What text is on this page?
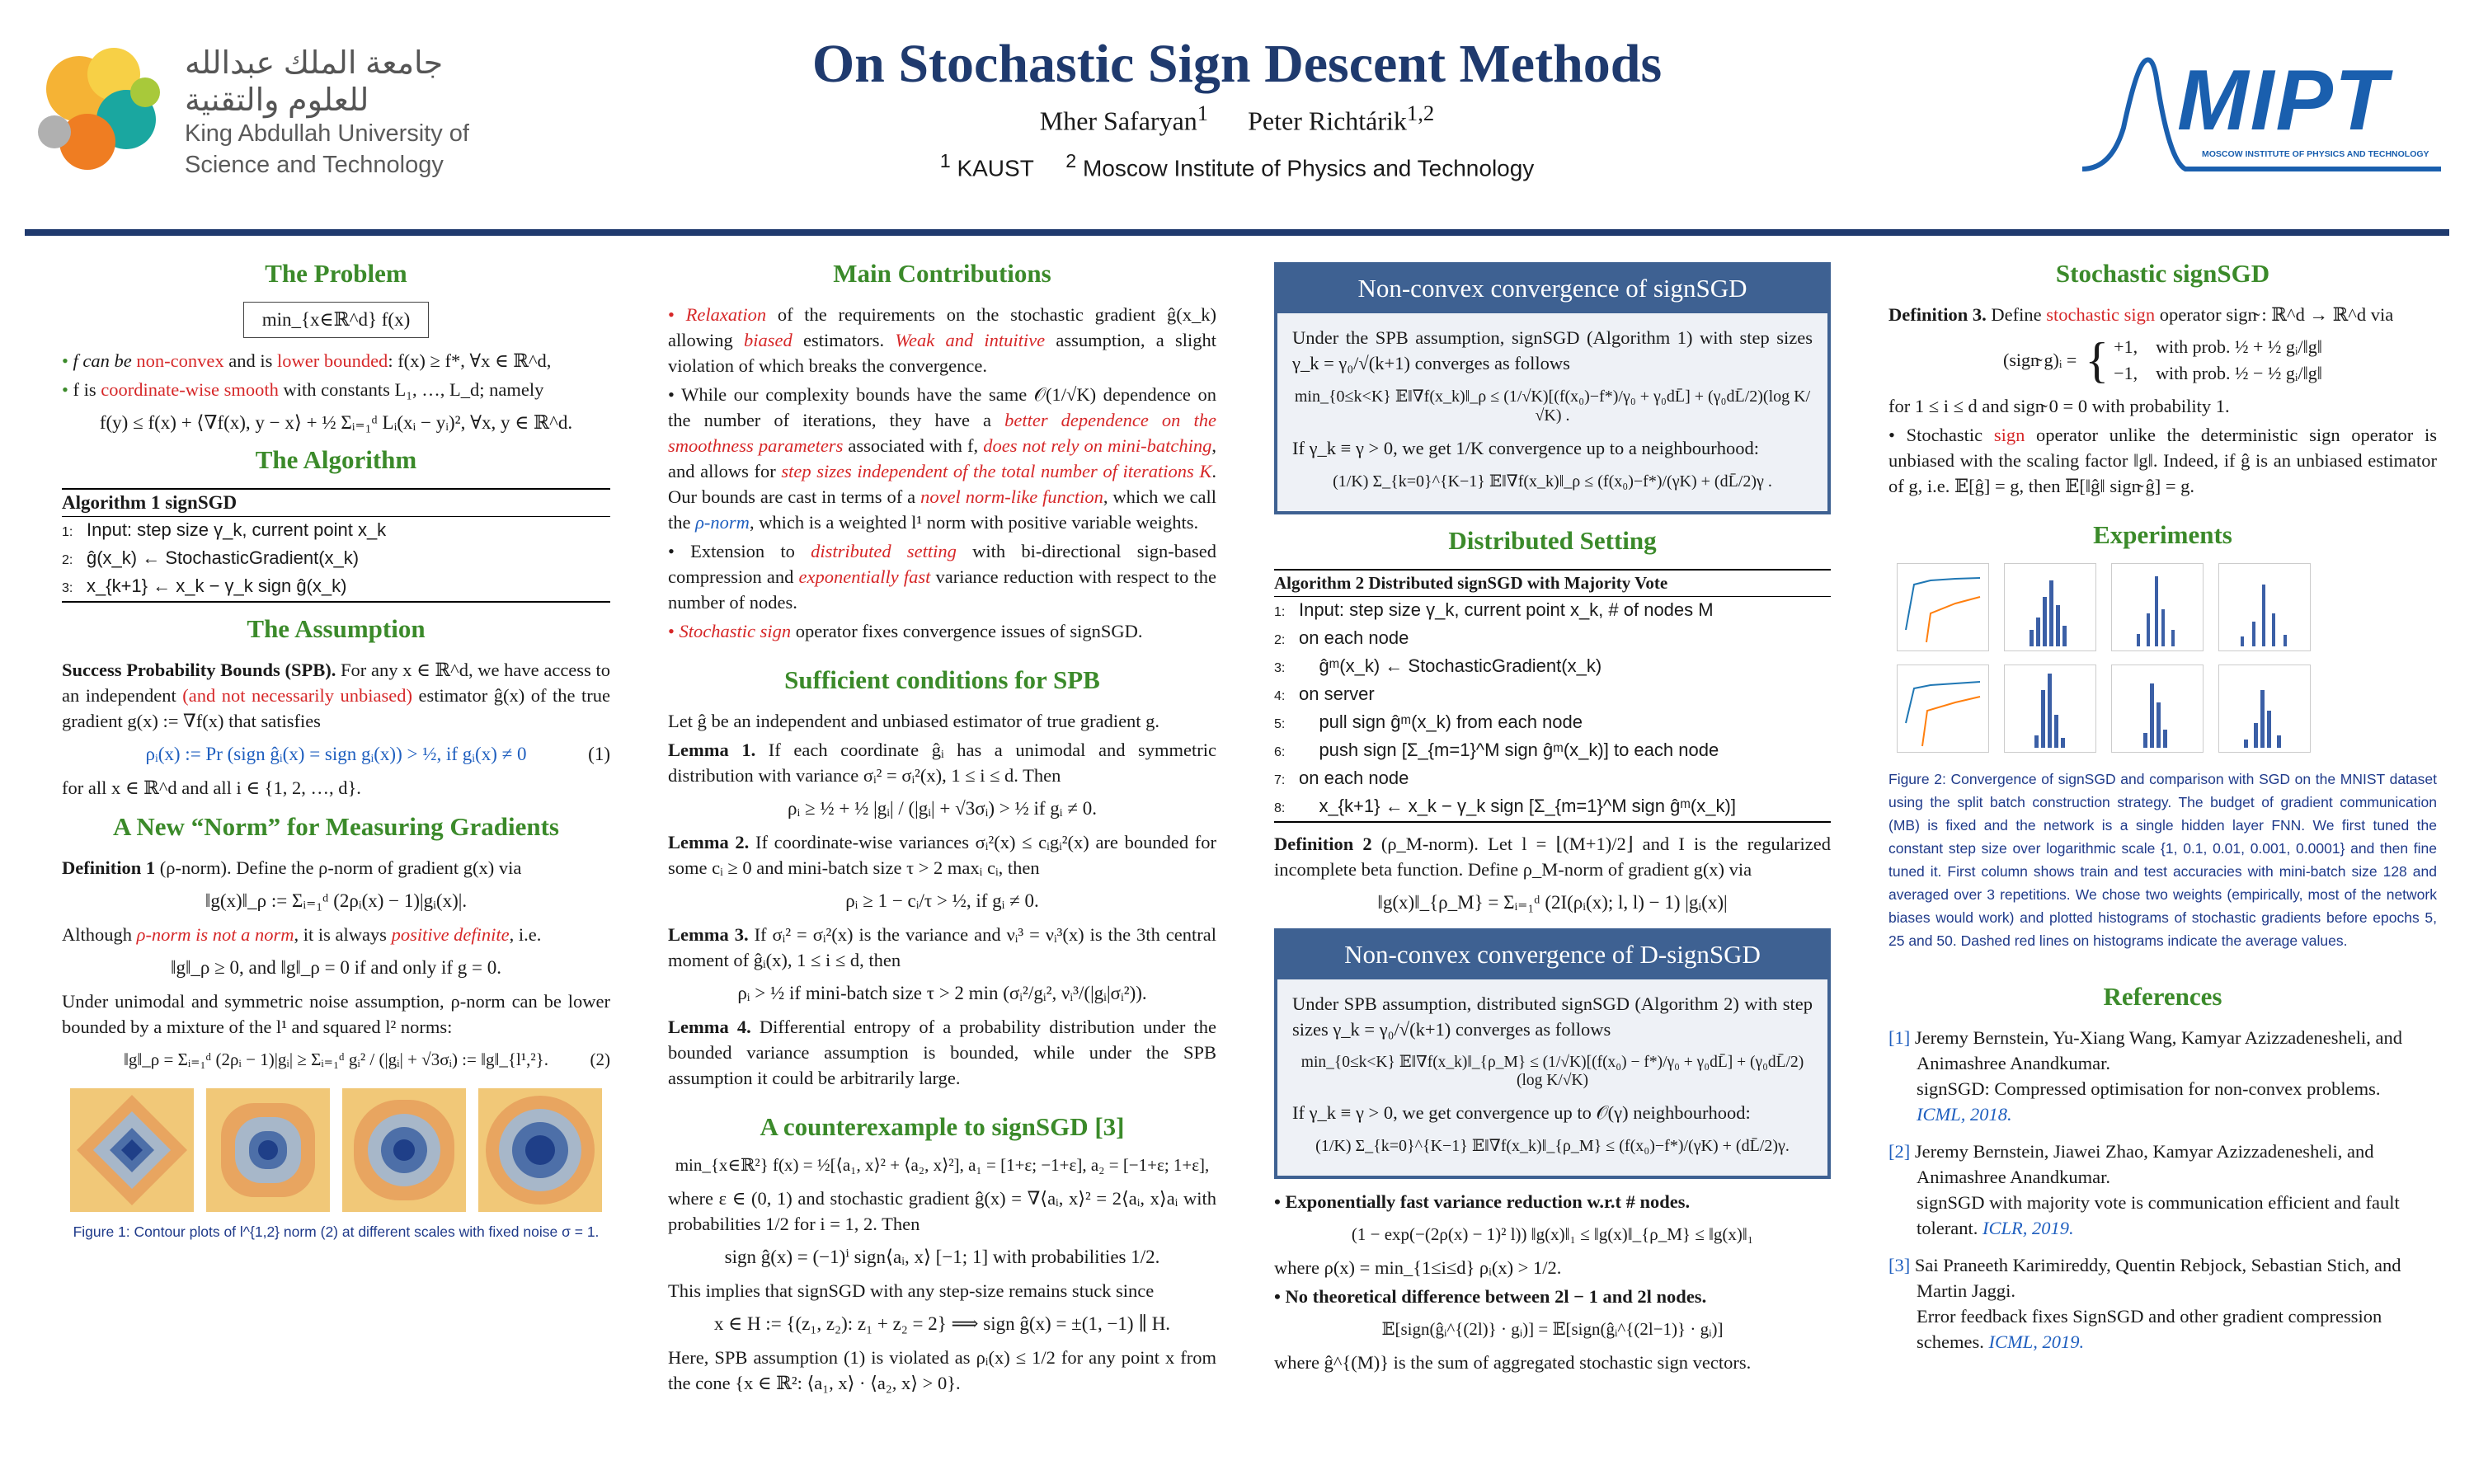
جامعة الملك عبدالله للعلوم والتقنية
King Abdullah University of
Science and Technology
On Stochastic Sign Descent Methods
Mher Safaryan$^1$ Peter Richtárik$^{1,2}$
$^1$ KAUST $^2$ Moscow Institute of Physics and Technology
MIPT
MOSCOW INSTITUTE OF PHYSICS AND TECHNOLOGY
The Problem
min_{x∈ℝ^d} f(x)
• f can be non-convex and is lower bounded: f(x) ≥ f*, ∀x ∈ ℝ^d,
• f is coordinate-wise smooth with constants L₁, …, L_d; namely
f(y) ≤ f(x) + ⟨∇f(x), y − x⟩ + ½ Σᵢ₌₁ᵈ Lᵢ(xᵢ − yᵢ)², ∀x, y ∈ ℝ^d.
The Algorithm
Algorithm 1 signSGD
1: Input: step size γ_k, current point x_k
2: ĝ(x_k) ← StochasticGradient(x_k)
3: x_{k+1} ← x_k − γ_k sign ĝ(x_k)
The Assumption
Success Probability Bounds (SPB). For any x ∈ ℝ^d, we have access to an independent (and not necessarily unbiased) estimator ĝ(x) of the true gradient g(x) := ∇f(x) that satisfies
ρᵢ(x) := Pr (sign ĝᵢ(x) = sign gᵢ(x)) > ½, if gᵢ(x) ≠ 0	(1)
for all x ∈ ℝ^d and all i ∈ {1, 2, …, d}.
A New “Norm” for Measuring Gradients
Definition 1 (ρ-norm). Define the ρ-norm of gradient g(x) via
‖g(x)‖_ρ := Σᵢ₌₁ᵈ (2ρᵢ(x) − 1)|gᵢ(x)|.
Although ρ-norm is not a norm, it is always positive definite, i.e.
‖g‖_ρ ≥ 0, and ‖g‖_ρ = 0 if and only if g = 0.
Under unimodal and symmetric noise assumption, ρ-norm can be lower bounded by a mixture of the l¹ and squared l² norms:
‖g‖_ρ = Σᵢ₌₁ᵈ (2ρᵢ − 1)|gᵢ| ≥ Σᵢ₌₁ᵈ gᵢ² / (|gᵢ| + √3σᵢ) := ‖g‖_{l¹,²}. (2)
Figure 1: Contour plots of l^{1,2} norm (2) at different scales with fixed noise σ = 1.
Main Contributions
• Relaxation of the requirements on the stochastic gradient ĝ(x_k) allowing biased estimators. Weak and intuitive assumption, a slight violation of which breaks the convergence.
• While our complexity bounds have the same 𝒪(1/√K) dependence on the number of iterations, they have a better dependence on the smoothness parameters associated with f, does not rely on mini-batching, and allows for step sizes independent of the total number of iterations K. Our bounds are cast in terms of a novel norm-like function, which we call the ρ-norm, which is a weighted l¹ norm with positive variable weights.
• Extension to distributed setting with bi-directional sign-based compression and exponentially fast variance reduction with respect to the number of nodes.
• Stochastic sign operator fixes convergence issues of signSGD.
Sufficient conditions for SPB
Let ĝ be an independent and unbiased estimator of true gradient g.
Lemma 1. If each coordinate ĝᵢ has a unimodal and symmetric distribution with variance σᵢ² = σᵢ²(x), 1 ≤ i ≤ d. Then
ρᵢ ≥ ½ + ½ |gᵢ| / (|gᵢ| + √3σᵢ) > ½ if gᵢ ≠ 0.
Lemma 2. If coordinate-wise variances σᵢ²(x) ≤ cᵢgᵢ²(x) are bounded for some cᵢ ≥ 0 and mini-batch size τ > 2 maxᵢ cᵢ, then
ρᵢ ≥ 1 − cᵢ/τ > ½, if gᵢ ≠ 0.
Lemma 3. If σᵢ² = σᵢ²(x) is the variance and νᵢ³ = νᵢ³(x) is the 3th central moment of ĝᵢ(x), 1 ≤ i ≤ d, then
ρᵢ > ½ if mini-batch size τ > 2 min (σᵢ²/gᵢ², νᵢ³/(|gᵢ|σᵢ²)).
Lemma 4. Differential entropy of a probability distribution under the bounded variance assumption is bounded, while under the SPB assumption it could be arbitrarily large.
A counterexample to signSGD [3]
min_{x∈ℝ²} f(x) = ½[⟨a₁, x⟩² + ⟨a₂, x⟩²], a₁ = [1+ε; −1+ε], a₂ = [−1+ε; 1+ε],
where ε ∈ (0, 1) and stochastic gradient ĝ(x) = ∇⟨aᵢ, x⟩² = 2⟨aᵢ, x⟩aᵢ with probabilities 1/2 for i = 1, 2. Then
sign ĝ(x) = (−1)ⁱ sign⟨aᵢ, x⟩ [−1; 1] with probabilities 1/2.
This implies that signSGD with any step-size remains stuck since
x ∈ H := {(z₁, z₂): z₁ + z₂ = 2} ⟹ sign ĝ(x) = ±(1, −1) ∥ H.
Here, SPB assumption (1) is violated as ρᵢ(x) ≤ 1/2 for any point x from the cone {x ∈ ℝ²: ⟨a₁, x⟩ · ⟨a₂, x⟩ > 0}.
Non-convex convergence of signSGD
Under the SPB assumption, signSGD (Algorithm 1) with step sizes γ_k = γ₀/√(k+1) converges as follows
min_{0≤k<K} 𝔼‖∇f(x_k)‖_ρ ≤ (1/√K)[(f(x₀)−f*)/γ₀ + γ₀dL̄] + (γ₀dL̄/2)(log K/√K) .
If γ_k ≡ γ > 0, we get 1/K convergence up to a neighbourhood:
(1/K) Σ_{k=0}^{K−1} 𝔼‖∇f(x_k)‖_ρ ≤ (f(x₀)−f*)/(γK) + (dL̄/2)γ .
Distributed Setting
Algorithm 2 Distributed signSGD with Majority Vote
1: Input: step size γ_k, current point x_k, # of nodes M
2: on each node
3:    ĝᵐ(x_k) ← StochasticGradient(x_k)
4: on server
5:    pull sign ĝᵐ(x_k) from each node
6:    push sign [Σ_{m=1}^M sign ĝᵐ(x_k)] to each node
7: on each node
8:    x_{k+1} ← x_k − γ_k sign [Σ_{m=1}^M sign ĝᵐ(x_k)]
Definition 2 (ρ_M-norm). Let l = ⌊(M+1)/2⌋ and I is the regularized incomplete beta function. Define ρ_M-norm of gradient g(x) via
‖g(x)‖_{ρ_M} = Σᵢ₌₁ᵈ (2I(ρᵢ(x); l, l) − 1) |gᵢ(x)|
Non-convex convergence of D-signSGD
Under SPB assumption, distributed signSGD (Algorithm 2) with step sizes γ_k = γ₀/√(k+1) converges as follows
min_{0≤k<K} 𝔼‖∇f(x_k)‖_{ρ_M} ≤ (1/√K)[(f(x₀) − f*)/γ₀ + γ₀dL̄] + (γ₀dL̄/2)(log K/√K)
If γ_k ≡ γ > 0, we get convergence up to 𝒪(γ) neighbourhood:
(1/K) Σ_{k=0}^{K−1} 𝔼‖∇f(x_k)‖_{ρ_M} ≤ (f(x₀)−f*)/(γK) + (dL̄/2)γ.
• Exponentially fast variance reduction w.r.t # nodes.
(1 − exp(−(2ρ(x) − 1)² l)) ‖g(x)‖₁ ≤ ‖g(x)‖_{ρ_M} ≤ ‖g(x)‖₁
where ρ(x) = min_{1≤i≤d} ρᵢ(x) > 1/2.
• No theoretical difference between 2l − 1 and 2l nodes.
𝔼[sign(ĝᵢ^{(2l)} · gᵢ)] = 𝔼[sign(ĝᵢ^{(2l−1)} · gᵢ)]
where ĝ^{(M)} is the sum of aggregated stochastic sign vectors.
Stochastic signSGD
Definition 3. Define stochastic sign operator sign̴ : ℝ^d → ℝ^d via
(sign̴ g)ᵢ = { +1,    with prob. ½ + ½ gᵢ/‖g‖
−1,    with prob. ½ − ½ gᵢ/‖g‖
for 1 ≤ i ≤ d and sign̴ 0 = 0 with probability 1.
• Stochastic sign operator unlike the deterministic sign operator is unbiased with the scaling factor ‖g‖. Indeed, if ĝ is an unbiased estimator of g, i.e. 𝔼[ĝ] = g, then 𝔼[‖ĝ‖ sign̴ ĝ] = g.
Experiments

Figure 2: Convergence of signSGD and comparison with SGD on the MNIST dataset using the split batch construction strategy. The budget of gradient communication (MB) is fixed and the network is a single hidden layer FNN. We first tuned the constant step size over logarithmic scale {1, 0.1, 0.01, 0.001, 0.0001} and then fine tuned it. First column shows train and test accuracies with mini-batch size 128 and averaged over 3 repetitions. We chose two weights (empirically, most of the network biases would work) and plotted histograms of stochastic gradients before epochs 5, 25 and 50. Dashed red lines on histograms indicate the average values.
References
[1] Jeremy Bernstein, Yu-Xiang Wang, Kamyar Azizzadenesheli, and Animashree Anandkumar.
signSGD: Compressed optimisation for non-convex problems.
ICML, 2018.
[2] Jeremy Bernstein, Jiawei Zhao, Kamyar Azizzadenesheli, and Animashree Anandkumar.
signSGD with majority vote is communication efficient and fault tolerant. ICLR, 2019.
[3] Sai Praneeth Karimireddy, Quentin Rebjock, Sebastian Stich, and Martin Jaggi.
Error feedback fixes SignSGD and other gradient compression schemes. ICML, 2019.
